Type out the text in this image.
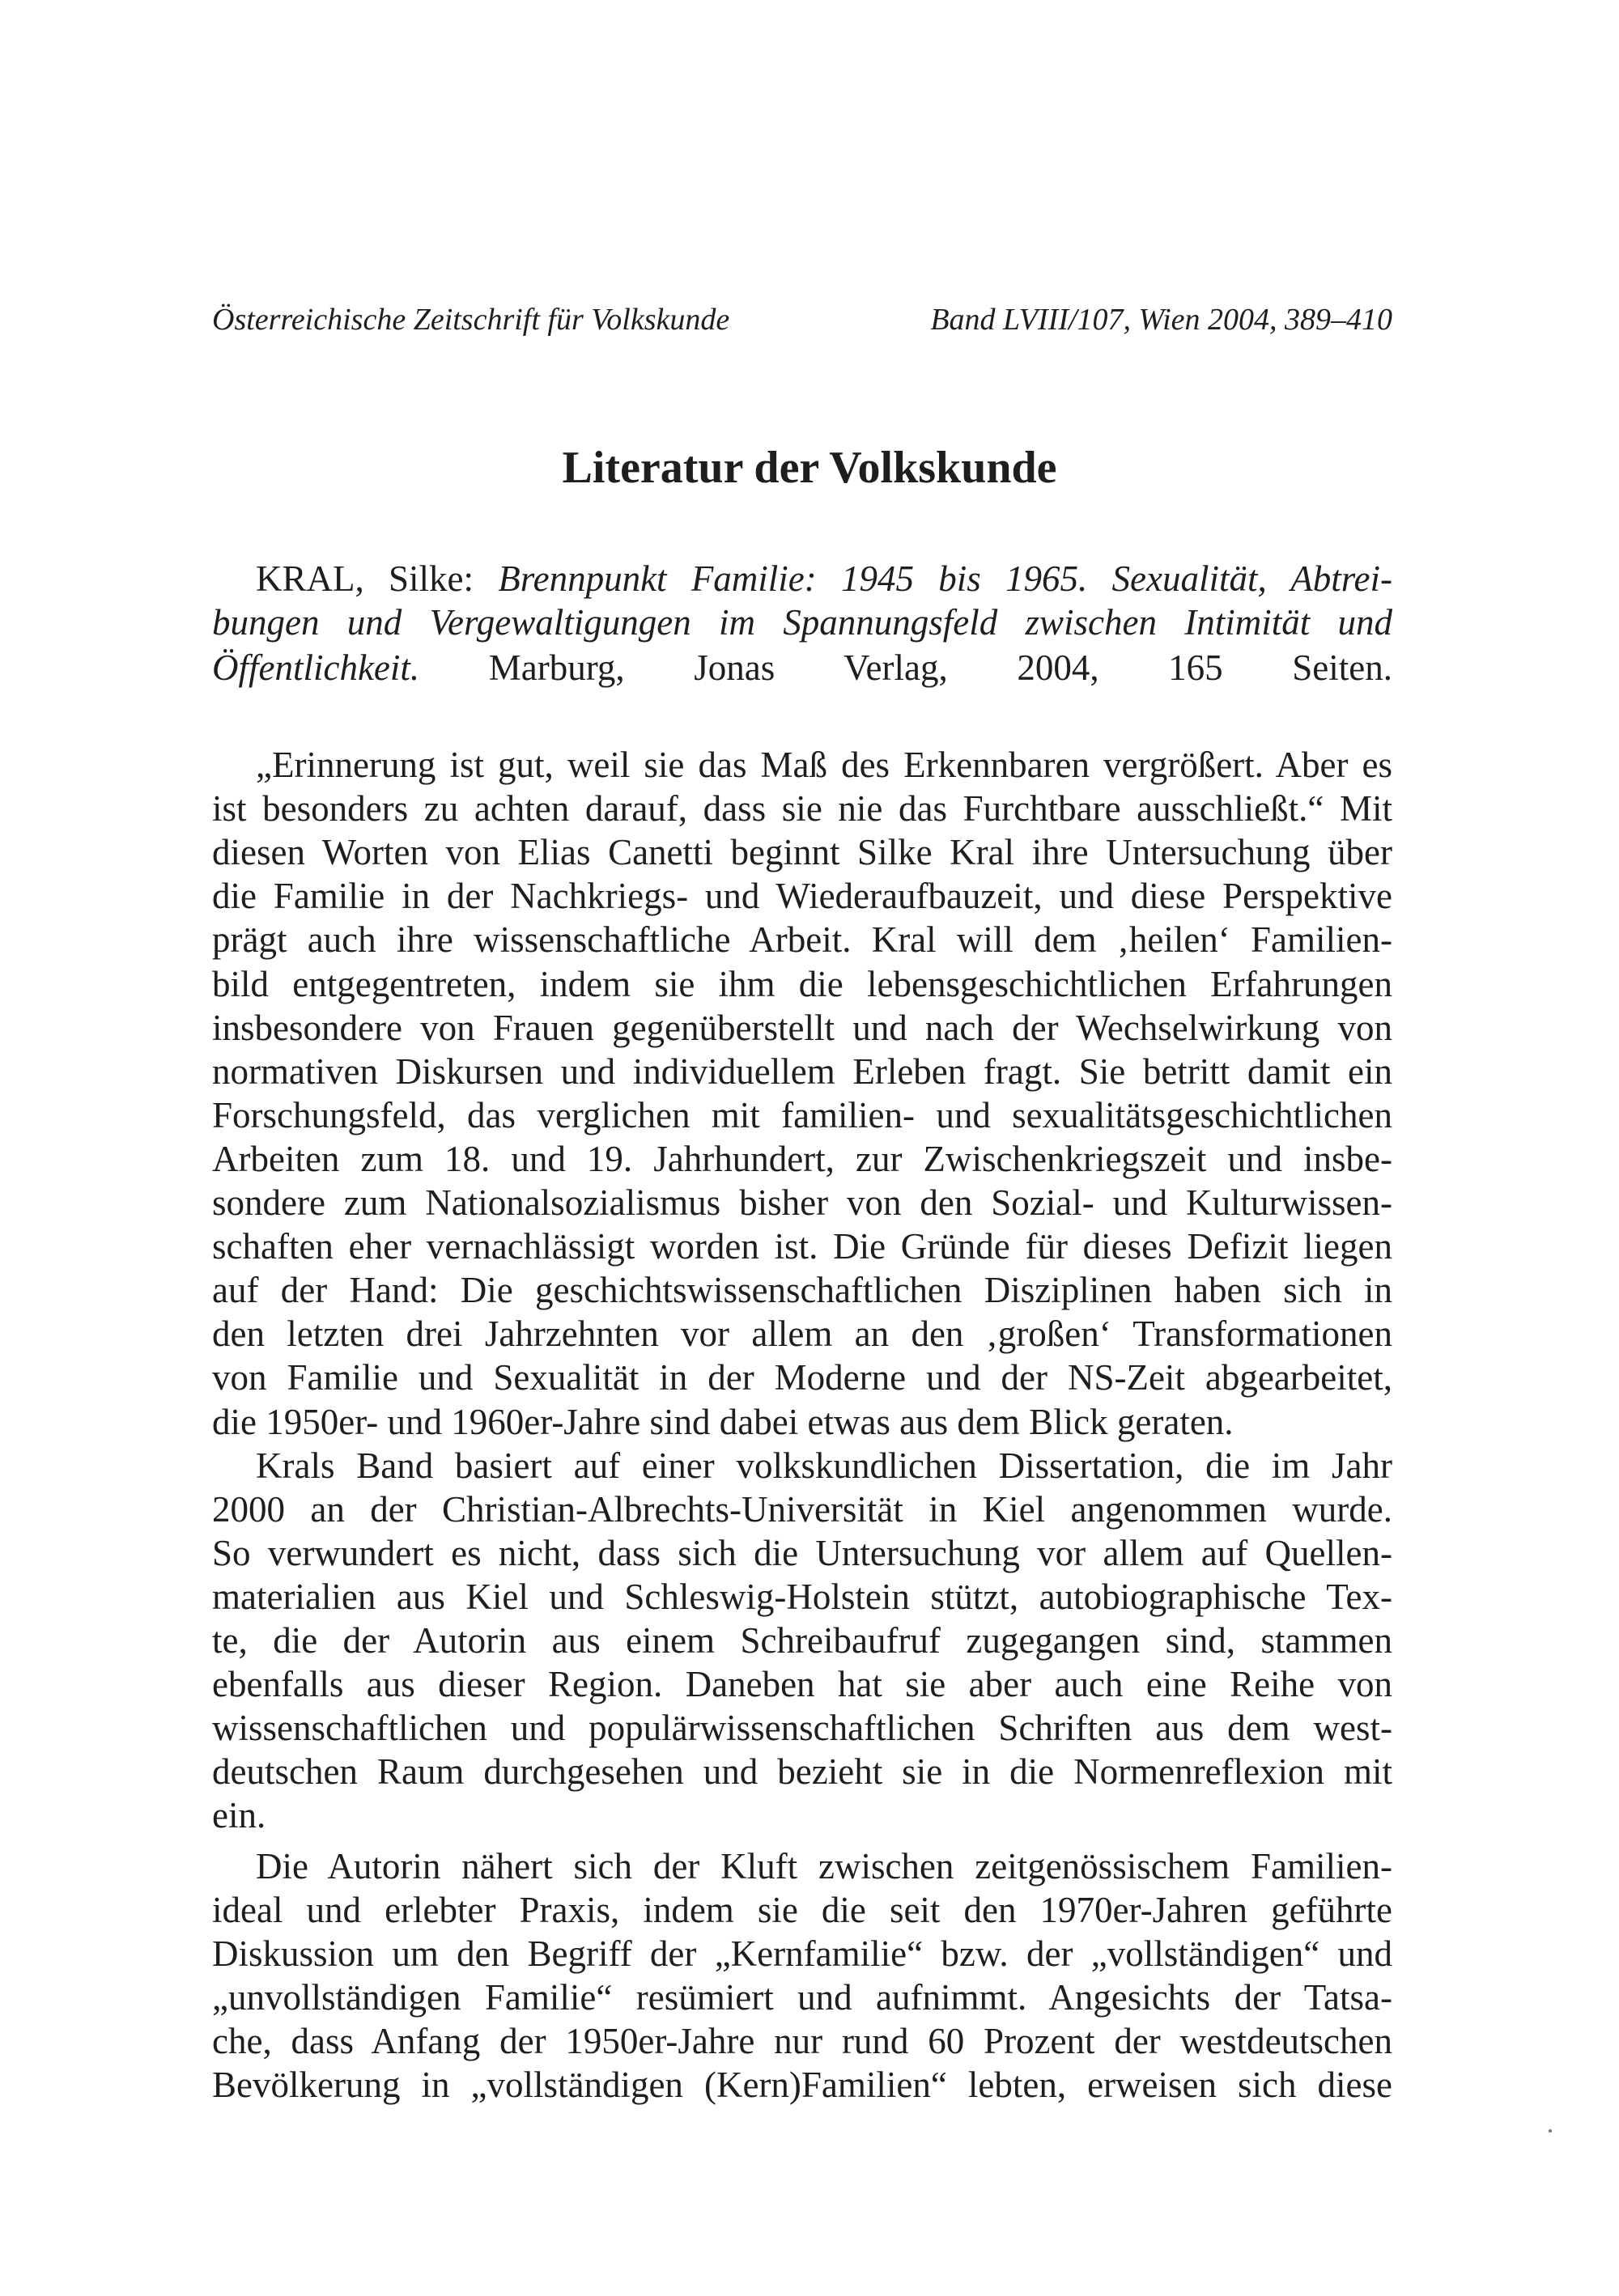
Österreichische Zeitschrift für Volkskunde	Band LVIII/107, Wien 2004, 389–410
Literatur der Volkskunde
KRAL, Silke: Brennpunkt Familie: 1945 bis 1965. Sexualität, Abtrei-
bungen und Vergewaltigungen im Spannungsfeld zwischen Intimität und
Öffentlichkeit. Marburg, Jonas Verlag, 2004, 165 Seiten.
„Erinnerung ist gut, weil sie das Maß des Erkennbaren vergrößert. Aber es
ist besonders zu achten darauf, dass sie nie das Furchtbare ausschließt.“ Mit
diesen Worten von Elias Canetti beginnt Silke Kral ihre Untersuchung über
die Familie in der Nachkriegs- und Wiederaufbauzeit, und diese Perspektive
prägt auch ihre wissenschaftliche Arbeit. Kral will dem ‚heilen‘ Familien-
bild entgegentreten, indem sie ihm die lebensgeschichtlichen Erfahrungen
insbesondere von Frauen gegenüberstellt und nach der Wechselwirkung von
normativen Diskursen und individuellem Erleben fragt. Sie betritt damit ein
Forschungsfeld, das verglichen mit familien- und sexualitätsgeschichtlichen
Arbeiten zum 18. und 19. Jahrhundert, zur Zwischenkriegszeit und insbe-
sondere zum Nationalsozialismus bisher von den Sozial- und Kulturwissen-
schaften eher vernachlässigt worden ist. Die Gründe für dieses Defizit liegen
auf der Hand: Die geschichtswissenschaftlichen Disziplinen haben sich in
den letzten drei Jahrzehnten vor allem an den ‚großen‘ Transformationen
von Familie und Sexualität in der Moderne und der NS-Zeit abgearbeitet,
die 1950er- und 1960er-Jahre sind dabei etwas aus dem Blick geraten.
Krals Band basiert auf einer volkskundlichen Dissertation, die im Jahr
2000 an der Christian-Albrechts-Universität in Kiel angenommen wurde.
So verwundert es nicht, dass sich die Untersuchung vor allem auf Quellen-
materialien aus Kiel und Schleswig-Holstein stützt, autobiographische Tex-
te, die der Autorin aus einem Schreibaufruf zugegangen sind, stammen
ebenfalls aus dieser Region. Daneben hat sie aber auch eine Reihe von
wissenschaftlichen und populärwissenschaftlichen Schriften aus dem west-
deutschen Raum durchgesehen und bezieht sie in die Normenreflexion mit
ein.
Die Autorin nähert sich der Kluft zwischen zeitgenössischem Familien-
ideal und erlebter Praxis, indem sie die seit den 1970er-Jahren geführte
Diskussion um den Begriff der „Kernfamilie“ bzw. der „vollständigen“ und
„unvollständigen Familie“ resümiert und aufnimmt. Angesichts der Tatsa-
che, dass Anfang der 1950er-Jahre nur rund 60 Prozent der westdeutschen
Bevölkerung in „vollständigen (Kern)Familien“ lebten, erweisen sich diese
